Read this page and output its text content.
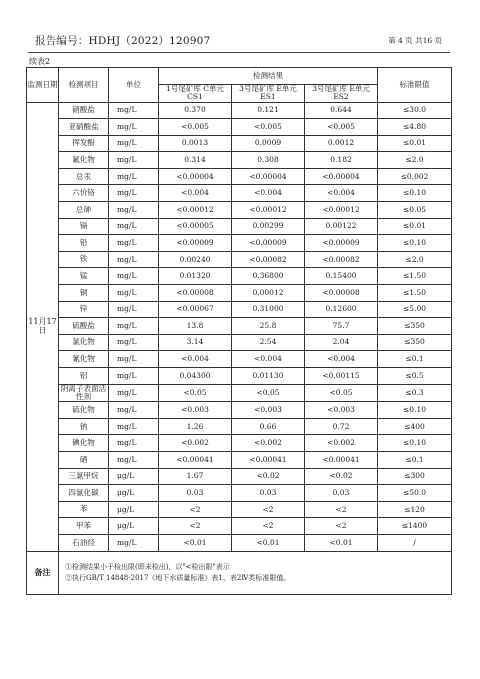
报告编号：HDHJ（2022）120907	第 4 页 共16 页
续表2
监测日期	检测项目	单位	检测结果			标准限值
			1号尾矿库 C单元CS1	3号尾矿库 E单元ES1	3号尾矿库 E单元ES2	
11月17日	硝酸盐	mg/L	0.370	0.121	0.644	≤30.0
	亚硝酸盐	mg/L	<0.005	<0.005	<0.005	≤4.80
	挥发酚	mg/L	0.0013	0.0009	0.0012	≤0.01
	氟化物	mg/L	0.314	0.308	0.182	≤2.0
	总汞	mg/L	<0.00004	<0.00004	<0.00004	≤0.002
	六价铬	mg/L	<0.004	<0.004	<0.004	≤0.10
	总砷	mg/L	<0.00012	<0.00012	<0.00012	≤0.05
	镉	mg/L	<0.00005	0.00299	0.00122	≤0.01
	铅	mg/L	<0.00009	<0.00009	<0.00009	≤0.10
	铁	mg/L	0.00240	<0.00082	<0.00082	≤2.0
	锰	mg/L	0.01320	0.36800	0.15400	≤1.50
	铜	mg/L	<0.00008	0.00012	<0.00008	≤1.50
	锌	mg/L	<0.00067	0.31000	0.12600	≤5.00
	硫酸盐	mg/L	13.8	25.8	75.7	≤350
	氯化物	mg/L	3.14	2.54	2.04	≤350
	氰化物	mg/L	<0.004	<0.004	<0.004	≤0.1
	铝	mg/L	0.04300	0.01130	<0.00115	≤0.5
	阴离子表面活性剂	mg/L	<0.05	<0.05	<0.05	≤0.3
	硫化物	mg/L	<0.003	<0.003	<0.003	≤0.10
	钠	mg/L	1.26	0.66	0.72	≤400
	碘化物	mg/L	<0.002	<0.002	<0.002	≤0.10
	硒	mg/L	<0.00041	<0.00041	<0.00041	≤0.1
	三氯甲烷	μg/L	1.67	<0.02	<0.02	≤300
	四氯化碳	μg/L	0.03	0.03	0.03	≤50.0
	苯	μg/L	<2	<2	<2	≤120
	甲苯	μg/L	<2	<2	<2	≤1400
	石油烃	mg/L	<0.01	<0.01	<0.01	/
备注	①检测结果小于检出限(即未检出)，以"<检出限"表示
②执行GB/T 14848-2017《地下水质量标准》表1、表2Ⅳ类标准限值。					
